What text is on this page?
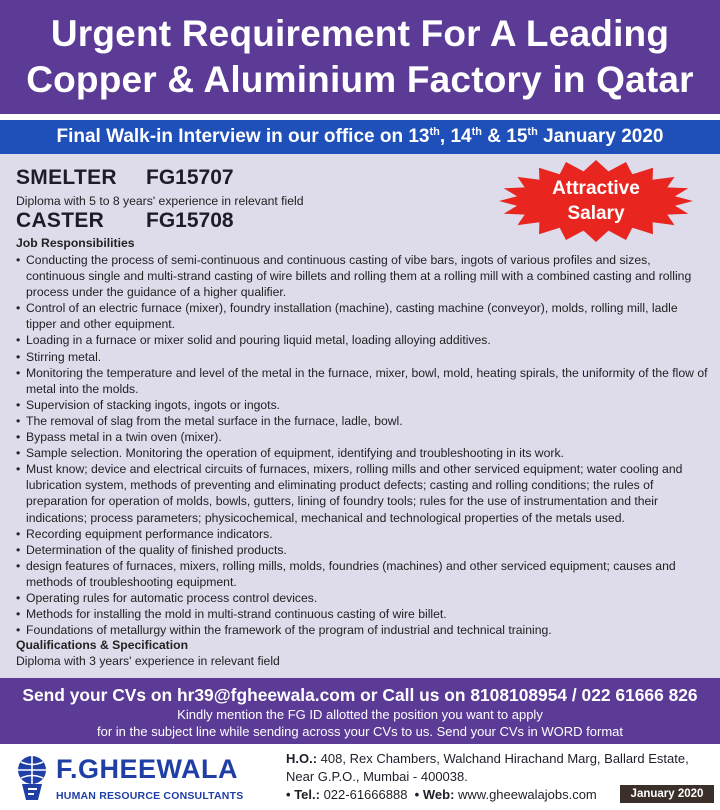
Urgent Requirement For A Leading
Copper & Aluminium Factory in Qatar
Final Walk-in Interview in our office on 13th, 14th & 15th January 2020
SMELTER	FG15707
Diploma with 5 to 8 years' experience in relevant field
CASTER	FG15708
Job Responsibilities
• Conducting the process of semi-continuous and continuous casting of vibe bars, ingots of various profiles and sizes,
continuous single and multi-strand casting of wire billets and rolling them at a rolling mill with a combined casting and rolling
process under the guidance of a higher qualifier.
• Control of an electric furnace (mixer), foundry installation (machine), casting machine (conveyor), molds, rolling mill, ladle
tipper and other equipment.
• Loading in a furnace or mixer solid and pouring liquid metal, loading alloying additives.
• Stirring metal.
• Monitoring the temperature and level of the metal in the furnace, mixer, bowl, mold, heating spirals, the uniformity of the flow of
metal into the molds.
• Supervision of stacking ingots, ingots or ingots.
• The removal of slag from the metal surface in the furnace, ladle, bowl.
• Bypass metal in a twin oven (mixer).
• Sample selection. Monitoring the operation of equipment, identifying and troubleshooting in its work.
• Must know; device and electrical circuits of furnaces, mixers, rolling mills and other serviced equipment; water cooling and
lubrication system, methods of preventing and eliminating product defects; casting and rolling conditions; the rules of
preparation for operation of molds, bowls, gutters, lining of foundry tools; rules for the use of instrumentation and their
indications; process parameters; physicochemical, mechanical and technological properties of the metals used.
• Recording equipment performance indicators.
• Determination of the quality of finished products.
• design features of furnaces, mixers, rolling mills, molds, foundries (machines) and other serviced equipment; causes and
methods of troubleshooting equipment.
• Operating rules for automatic process control devices.
• Methods for installing the mold in multi-strand continuous casting of wire billet.
• Foundations of metallurgy within the framework of the program of industrial and technical training.
Qualifications & Specification
Diploma with 3 years' experience in relevant field
Attractive
Salary
Send your CVs on hr39@fgheewala.com or Call us on 8108108954 / 022 61666 826
Kindly mention the FG ID allotted the position you want to apply
for in the subject line while sending across your CVs to us. Send your CVs in WORD format
F.GHEEWALA
HUMAN RESOURCE CONSULTANTS
H.O.: 408, Rex Chambers, Walchand Hirachand Marg, Ballard Estate,
Near G.P.O., Mumbai - 400038.
• Tel.: 022-61666888 • Web: www.gheewalajobs.com	January 2020
